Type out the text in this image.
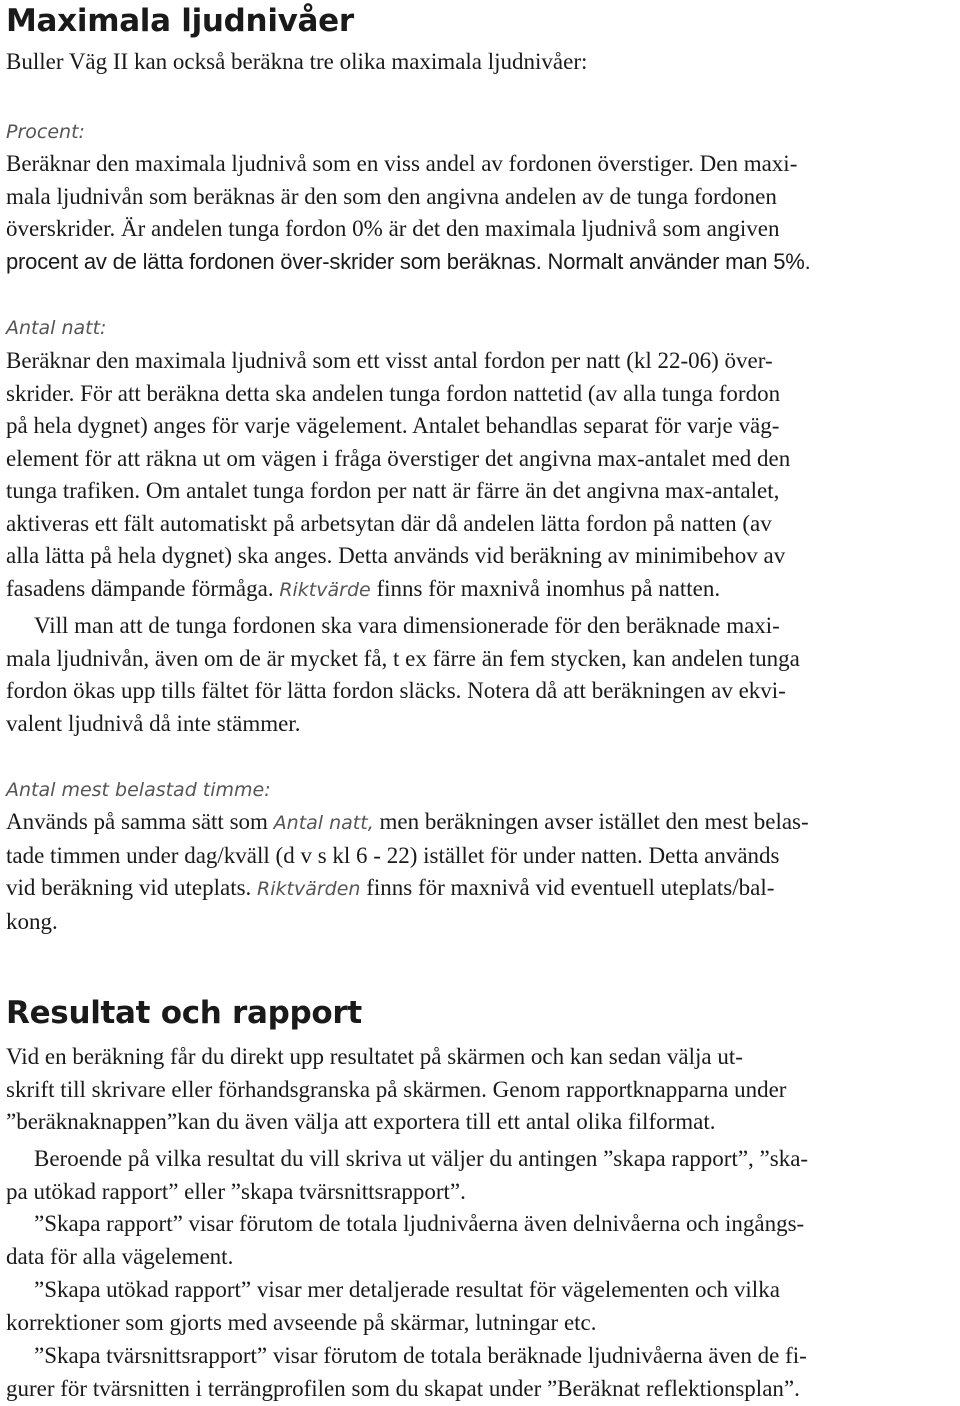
Maximala ljudnivåer

Buller Väg II kan också beräkna tre olika maximala ljudnivåer:

Procent:

Beräknar den maximala ljudnivå som en viss andel av fordonen överstiger. Den maxi-

mala ljudnivån som beräknas är den som den angivna andelen av de tunga fordonen

överskrider. Är andelen tunga fordon 0% är det den maximala ljudnivå som angiven

procent av de lätta fordonen över-skrider som beräknas. Normalt använder man 5%.

Antal natt:

Beräknar den maximala ljudnivå som ett visst antal fordon per natt (kl 22-06) över-

skrider. För att beräkna detta ska andelen tunga fordon nattetid (av alla tunga fordon

på hela dygnet) anges för varje vägelement. Antalet behandlas separat för varje väg-

element för att räkna ut om vägen i fråga överstiger det angivna max-antalet med den

tunga trafiken. Om antalet tunga fordon per natt är färre än det angivna max-antalet,

aktiveras ett fält automatiskt på arbetsytan där då andelen lätta fordon på natten (av

alla lätta på hela dygnet) ska anges. Detta används vid beräkning av minimibehov av

fasadens dämpande förmåga. Riktvärde finns för maxnivå inomhus på natten.

Vill man att de tunga fordonen ska vara dimensionerade för den beräknade maxi-

mala ljudnivån, även om de är mycket få, t ex färre än fem stycken, kan andelen tunga

fordon ökas upp tills fältet för lätta fordon släcks. Notera då att beräkningen av ekvi-

valent ljudnivå då inte stämmer.

Antal mest belastad timme:

Används på samma sätt som Antal natt, men beräkningen avser istället den mest belas-

tade timmen under dag/kväll (d v s kl 6 - 22) istället för under natten. Detta används

vid beräkning vid uteplats. Riktvärden finns för maxnivå vid eventuell uteplats/bal-

kong.

Resultat och rapport

Vid en beräkning får du direkt upp resultatet på skärmen och kan sedan välja ut-

skrift till skrivare eller förhandsgranska på skärmen. Genom rapportknapparna under

”beräknaknappen”kan du även välja att exportera till ett antal olika filformat.

Beroende på vilka resultat du vill skriva ut väljer du antingen ”skapa rapport”, ”ska-

pa utökad rapport” eller ”skapa tvärsnittsrapport”.

”Skapa rapport” visar förutom de totala ljudnivåerna även delnivåerna och ingångs-

data för alla vägelement.

”Skapa utökad rapport” visar mer detaljerade resultat för vägelementen och vilka

korrektioner som gjorts med avseende på skärmar, lutningar etc.

”Skapa tvärsnittsrapport” visar förutom de totala beräknade ljudnivåerna även de fi-

gurer för tvärsnitten i terrängprofilen som du skapat under ”Beräknat reflektionsplan”.
